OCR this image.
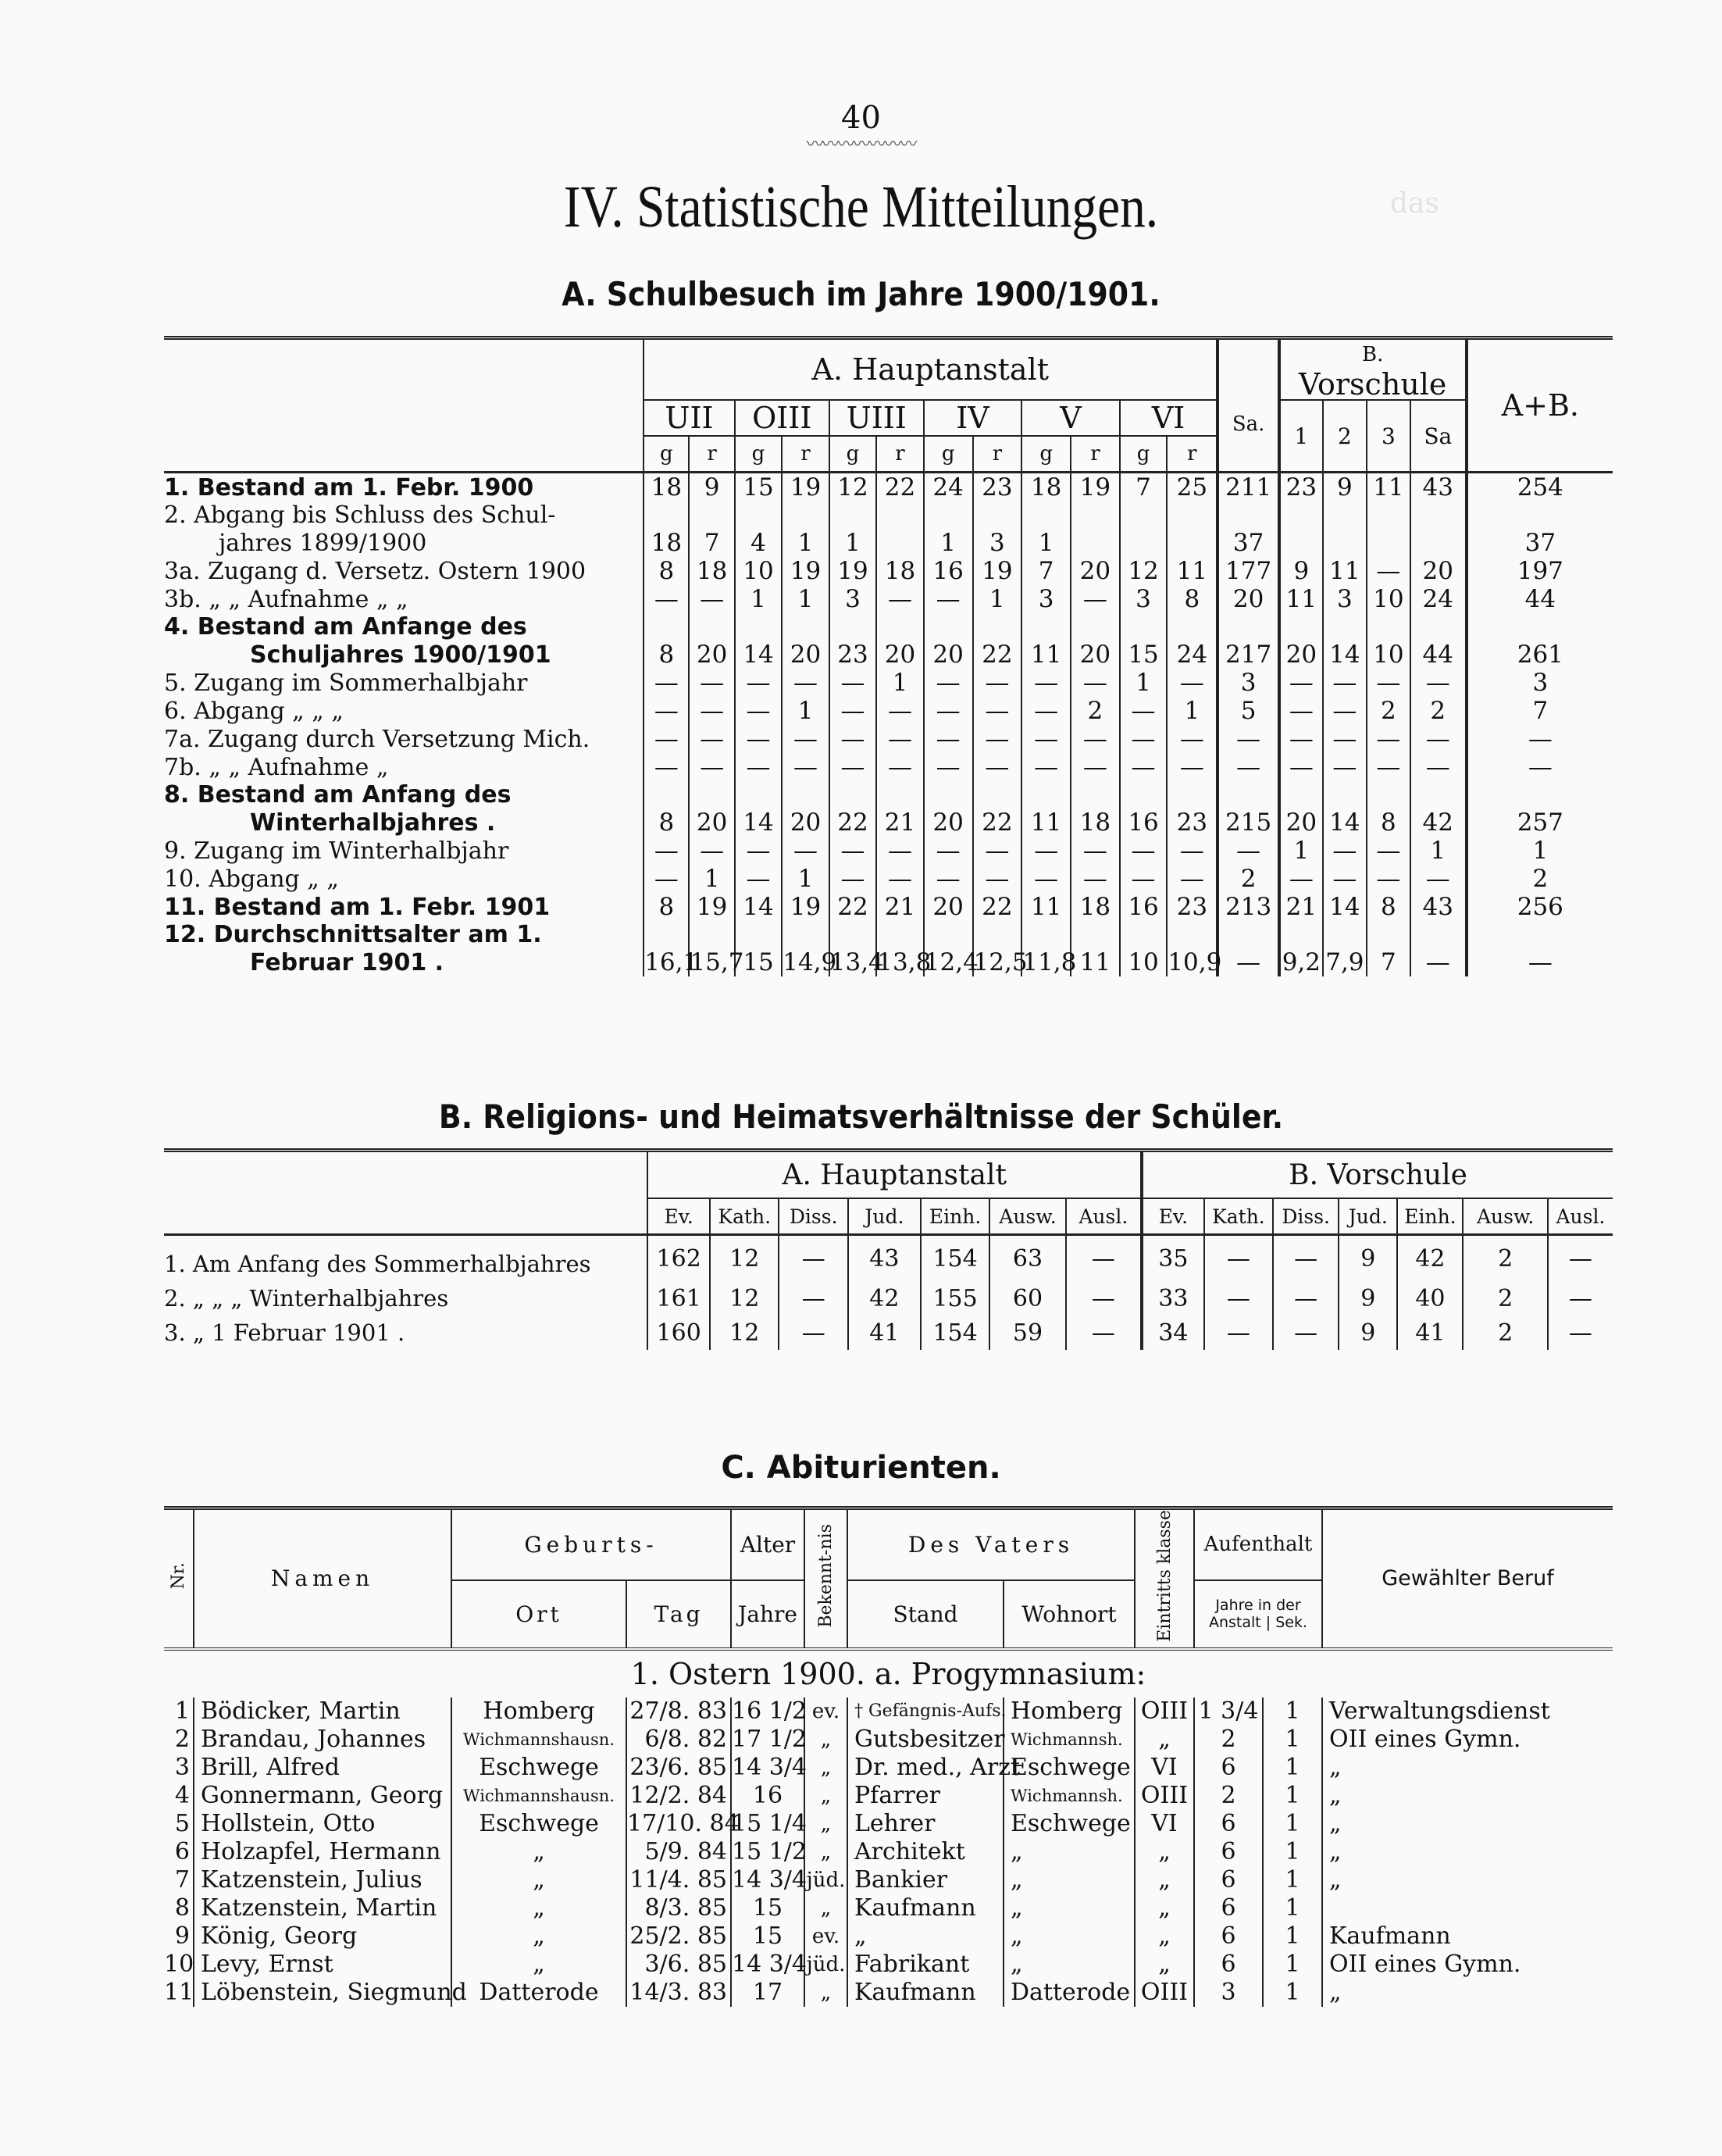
das
40
〰〰〰〰〰〰〰
IV. Statistische Mitteilungen.
A. Schulbesuch im Jahre 1900/1901.
	A. Hauptanstalt												Sa.	B.
Vorschule				A+B.
	UII		OIII		UIII		IV		V		VI			1	2	3	Sa	
	g	r	g	r	g	r	g	r	g	r	g	r						
1. Bestand am 1. Febr. 1900	18	9	15	19	12	22	24	23	18	19	7	25	211	23	9	11	43	254
2. Abgang bis Schluss des Schul-																		
jahres 1899/1900	18	7	4	1	1		1	3	1				37					37
3a. Zugang d. Versetz. Ostern 1900	8	18	10	19	19	18	16	19	7	20	12	11	177	9	11	—	20	197
3b. „ „ Aufnahme „ „	—	—	1	1	3	—	—	1	3	—	3	8	20	11	3	10	24	44
4. Bestand am Anfange des																		
Schuljahres 1900/1901	8	20	14	20	23	20	20	22	11	20	15	24	217	20	14	10	44	261
5. Zugang im Sommerhalbjahr	—	—	—	—	—	1	—	—	—	—	1	—	3	—	—	—	—	3
6. Abgang „ „ „	—	—	—	1	—	—	—	—	—	2	—	1	5	—	—	2	2	7
7a. Zugang durch Versetzung Mich.	—	—	—	—	—	—	—	—	—	—	—	—	—	—	—	—	—	—
7b. „ „ Aufnahme „	—	—	—	—	—	—	—	—	—	—	—	—	—	—	—	—	—	—
8. Bestand am Anfang des																		
Winterhalbjahres .	8	20	14	20	22	21	20	22	11	18	16	23	215	20	14	8	42	257
9. Zugang im Winterhalbjahr	—	—	—	—	—	—	—	—	—	—	—	—	—	1	—	—	1	1
10. Abgang „ „	—	1	—	1	—	—	—	—	—	—	—	—	2	—	—	—	—	2
11. Bestand am 1. Febr. 1901	8	19	14	19	22	21	20	22	11	18	16	23	213	21	14	8	43	256
12. Durchschnittsalter am 1.																		
Februar 1901 .	16,1	15,7	15	14,9	13,4	13,8	12,4	12,5	11,8	11	10	10,9	—	9,2	7,9	7	—	—
B. Religions- und Heimatsverhältnisse der Schüler.
	A. Hauptanstalt							B. Vorschule						
	Ev.	Kath.	Diss.	Jud.	Einh.	Ausw.	Ausl.	Ev.	Kath.	Diss.	Jud.	Einh.	Ausw.	Ausl.
1. Am Anfang des Sommerhalbjahres	162	12	—	43	154	63	—	35	—	—	9	42	2	—
2. „ „ „ Winterhalbjahres	161	12	—	42	155	60	—	33	—	—	9	40	2	—
3. „ 1 Februar 1901 .	160	12	—	41	154	59	—	34	—	—	9	41	2	—
C. Abiturienten.
Nr.	Namen	Geburts-		Alter	Bekennt-nis	Des Vaters		Eintritts klasse	Aufenthalt		Gewählter Beruf
		Ort	Tag	Jahre		Stand	Wohnort		Jahre in der
Anstalt | Sek.		

1. Ostern 1900. a. Progymnasium:											
1	Bödicker, Martin	Homberg	27/8. 83	16 1/2	ev.	† Gefängnis-Aufs.	Homberg	OIII	1 3/4	1	Verwaltungsdienst
2	Brandau, Johannes	Wichmannshausn.	6/8. 82	17 1/2	„	Gutsbesitzer	Wichmannsh.	„	2	1	OII eines Gymn.
3	Brill, Alfred	Eschwege	23/6. 85	14 3/4	„	Dr. med., Arzt	Eschwege	VI	6	1	„
4	Gonnermann, Georg	Wichmannshausn.	12/2. 84	16	„	Pfarrer	Wichmannsh.	OIII	2	1	„
5	Hollstein, Otto	Eschwege	17/10. 84	15 1/4	„	Lehrer	Eschwege	VI	6	1	„
6	Holzapfel, Hermann	„	5/9. 84	15 1/2	„	Architekt	„	„	6	1	„
7	Katzenstein, Julius	„	11/4. 85	14 3/4	jüd.	Bankier	„	„	6	1	„
8	Katzenstein, Martin	„	8/3. 85	15	„	Kaufmann	„	„	6	1	
9	König, Georg	„	25/2. 85	15	ev.	„	„	„	6	1	Kaufmann
10	Levy, Ernst	„	3/6. 85	14 3/4	jüd.	Fabrikant	„	„	6	1	OII eines Gymn.
11	Löbenstein, Siegmund	Datterode	14/3. 83	17	„	Kaufmann	Datterode	OIII	3	1	„
